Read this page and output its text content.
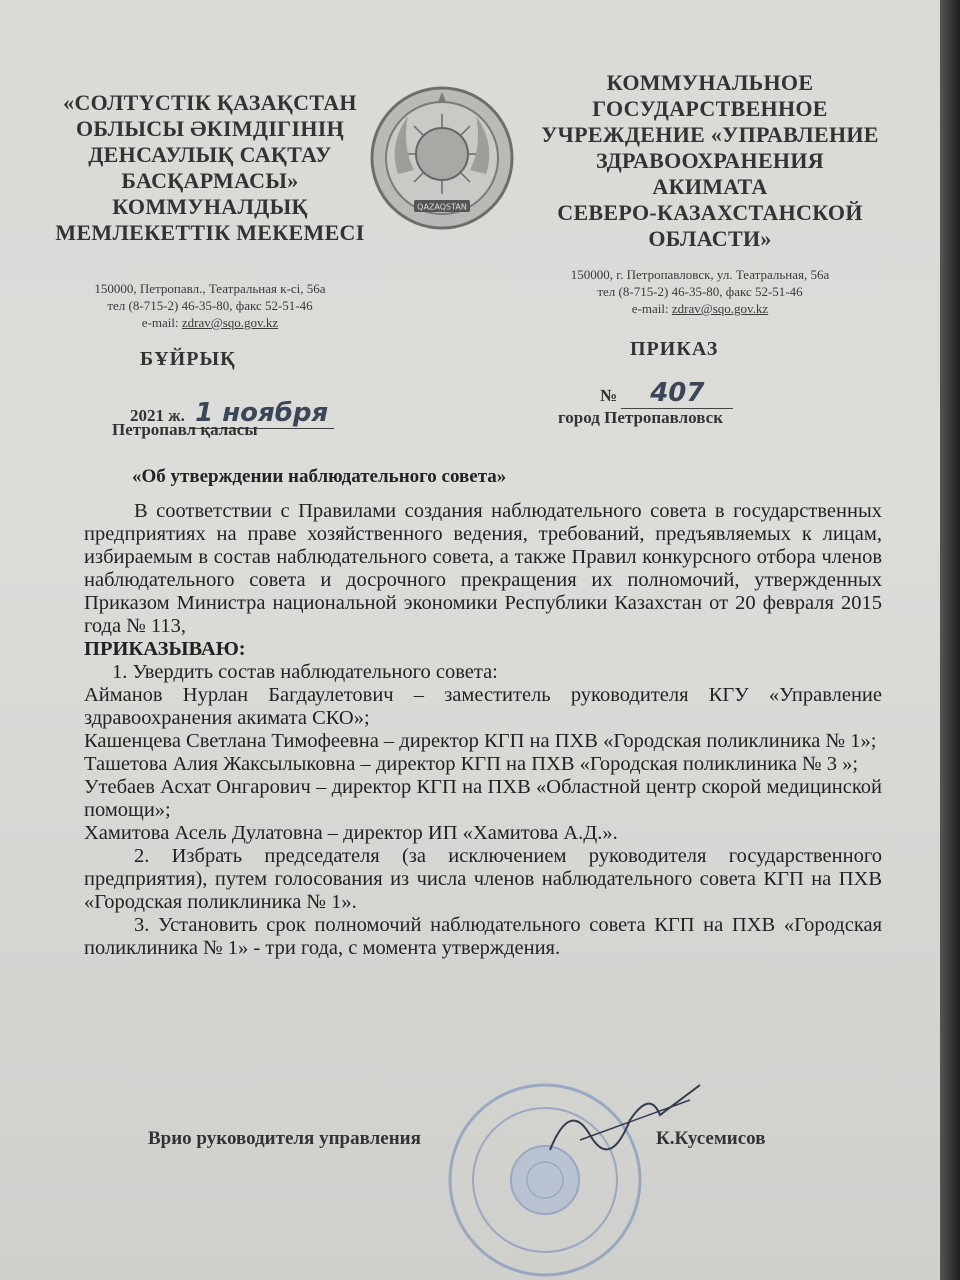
«СОЛТҮСТІК ҚАЗАҚСТАН
ОБЛЫСЫ ӘКІМДІГІНІҢ
ДЕНСАУЛЫҚ САҚТАУ
БАСҚАРМАСЫ»
КОММУНАЛДЫҚ
МЕМЛЕКЕТТІК МЕКЕМЕСІ
QAZAQSTAN
КОММУНАЛЬНОЕ
ГОСУДАРСТВЕННОЕ
УЧРЕЖДЕНИЕ «УПРАВЛЕНИЕ
ЗДРАВООХРАНЕНИЯ
АКИМАТА
СЕВЕРО-КАЗАХСТАНСКОЙ
ОБЛАСТИ»
150000, Петропавл., Театральная к-сі, 56а
тел (8-715-2) 46-35-80, факс 52-51-46
e-mail: zdrav@sqo.gov.kz
150000, г. Петропавловск, ул. Театральная, 56а
тел (8-715-2) 46-35-80, факс 52-51-46
e-mail: zdrav@sqo.gov.kz
БҰЙРЫҚ	ПРИКАЗ
2021 ж. 1 ноября
Петропавл қаласы
№ 407
город Петропавловск
«Об утверждении наблюдательного совета»

В соответствии с Правилами создания наблюдательного совета в государственных предприятиях на праве хозяйственного ведения, требований, предъявляемых к лицам, избираемым в состав наблюдательного совета, а также Правил конкурсного отбора членов наблюдательного совета и досрочного прекращения их полномочий, утвержденных Приказом Министра национальной экономики Республики Казахстан от 20 февраля 2015 года № 113,

ПРИКАЗЫВАЮ:

1. Увердить состав наблюдательного совета:

Айманов Нурлан Багдаулетович – заместитель руководителя КГУ «Управление здравоохранения акимата СКО»;

Кашенцева Светлана Тимофеевна – директор КГП на ПХВ «Городская поликлиника № 1»;

Ташетова Алия Жаксылыковна – директор КГП на ПХВ «Городская поликлиника № 3 »;

Утебаев Асхат Онгарович – директор КГП на ПХВ «Областной центр скорой медицинской помощи»;

Хамитова Асель Дулатовна – директор ИП «Хамитова А.Д.».

2. Избрать председателя (за исключением руководителя государственного предприятия), путем голосования из числа членов наблюдательного совета КГП на ПХВ «Городская поликлиника № 1».

3. Установить срок полномочий наблюдательного совета КГП на ПХВ «Городская поликлиника № 1» - три года, с момента утверждения.

Врио руководителя управления	К.Кусемисов
